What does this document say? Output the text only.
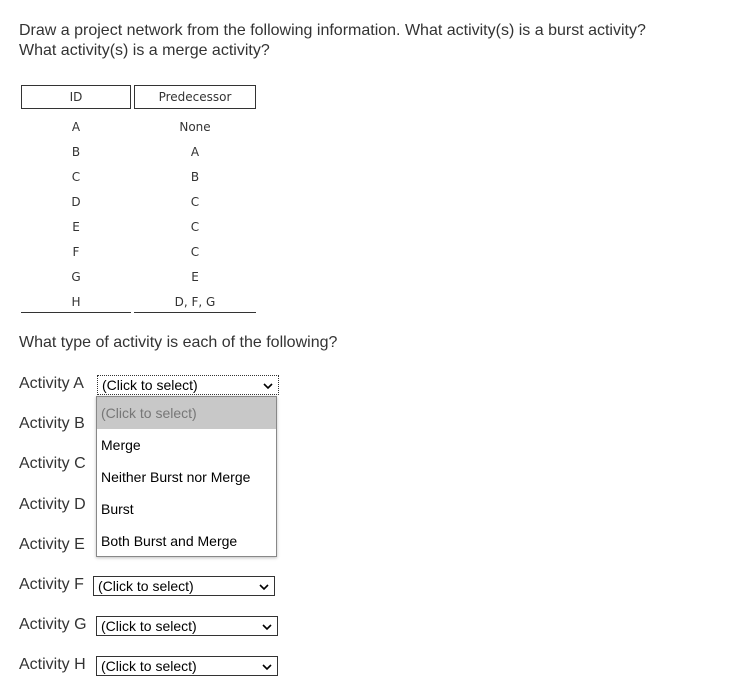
Draw a project network from the following information. What activity(s) is a burst activity?
What activity(s) is a merge activity?
ID	Predecessor
A	None
B	A
C	B
D	C
E	C
F	C
G	E
H	D, F, G
What type of activity is each of the following?
Activity A (Click to select)
Activity B
Activity C
Activity D
Activity E
Activity F (Click to select)
Activity G (Click to select)
Activity H (Click to select)
(Click to select)
Merge
Neither Burst nor Merge
Burst
Both Burst and Merge
